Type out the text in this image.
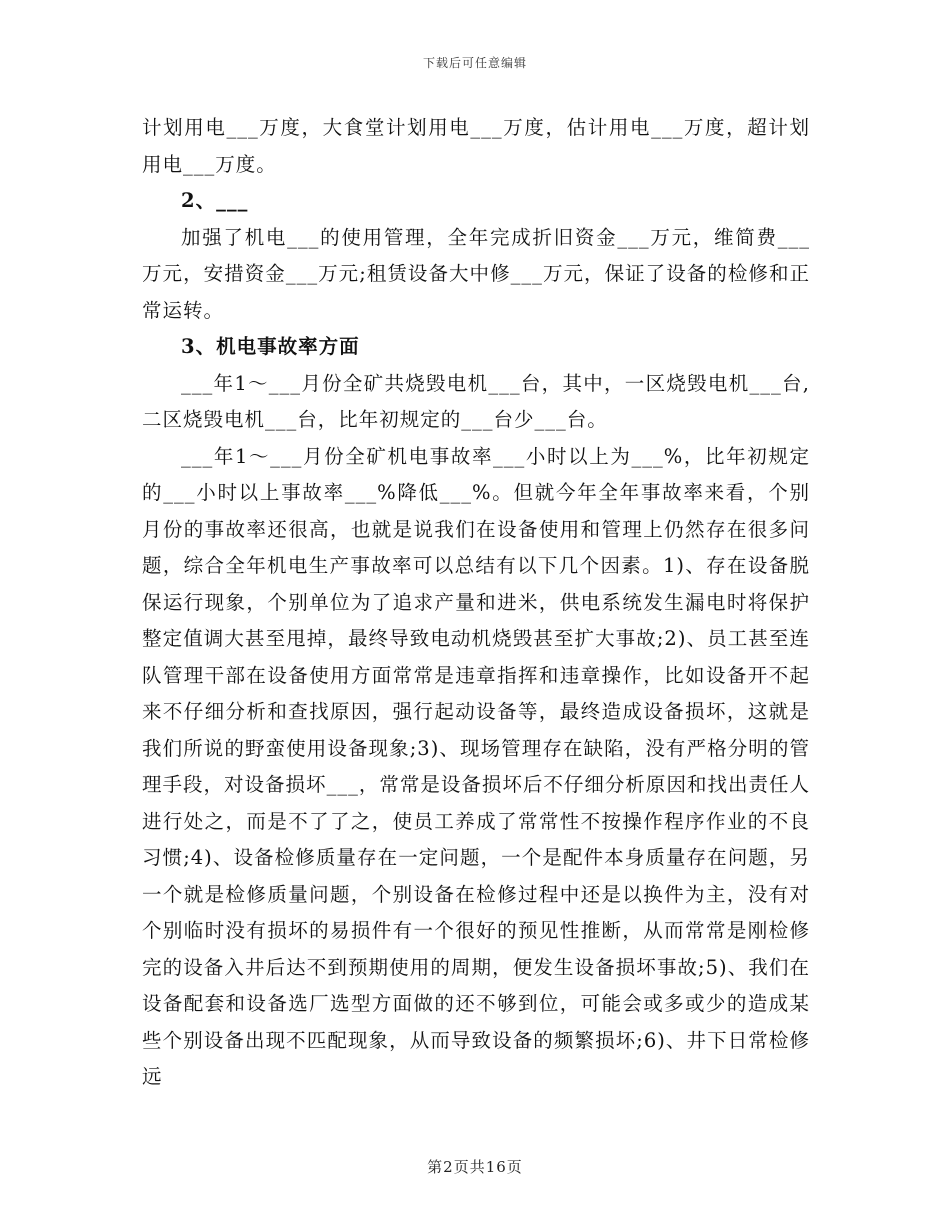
下载后可任意编辑

计划用电___万度，大食堂计划用电___万度，估计用电___万度，超计划用电___万度。

2、___

加强了机电___的使用管理，全年完成折旧资金___万元，维简费___万元，安措资金___万元;租赁设备大中修___万元，保证了设备的检修和正常运转。

3、机电事故率方面

___年1～___月份全矿共烧毁电机___台，其中，一区烧毁电机___台,二区烧毁电机___台，比年初规定的___台少___台。

___年1～___月份全矿机电事故率___小时以上为___%，比年初规定的___小时以上事故率___%降低___%。但就今年全年事故率来看，个别月份的事故率还很高，也就是说我们在设备使用和管理上仍然存在很多问题，综合全年机电生产事故率可以总结有以下几个因素。1)、存在设备脱保运行现象，个别单位为了追求产量和进米，供电系统发生漏电时将保护整定值调大甚至甩掉，最终导致电动机烧毁甚至扩大事故;2)、员工甚至连队管理干部在设备使用方面常常是违章指挥和违章操作，比如设备开不起来不仔细分析和查找原因，强行起动设备等，最终造成设备损坏，这就是我们所说的野蛮使用设备现象;3)、现场管理存在缺陷，没有严格分明的管理手段，对设备损坏___，常常是设备损坏后不仔细分析原因和找出责任人进行处之，而是不了了之，使员工养成了常常性不按操作程序作业的不良习惯;4)、设备检修质量存在一定问题，一个是配件本身质量存在问题，另一个就是检修质量问题，个别设备在检修过程中还是以换件为主，没有对个别临时没有损坏的易损件有一个很好的预见性推断，从而常常是刚检修完的设备入井后达不到预期使用的周期，便发生设备损坏事故;5)、我们在设备配套和设备选厂选型方面做的还不够到位，可能会或多或少的造成某些个别设备出现不匹配现象，从而导致设备的频繁损坏;6)、井下日常检修远

第2页共16页
